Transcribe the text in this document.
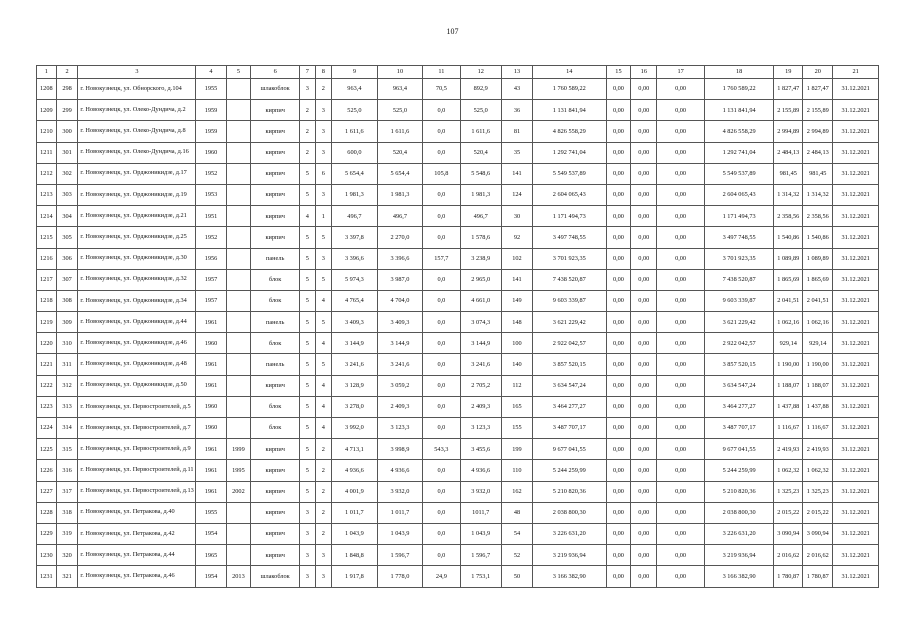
107
1	2	3	4	5	6	7	8	9	10	11	12	13	14	15	16	17	18	19	20	21
1208	298	г. Новокузнецк, ул. Обнорского, д.104	1955		шлакоблок	3	2	963,4	963,4	70,5	892,9	43	1 760 589,22	0,00	0,00	0,00	1 760 589,22	1 827,47	1 827,47	31.12.2021
1209	299	г. Новокузнецк, ул. Олеко-Дундича, д.2	1959		кирпич	2	3	525,0	525,0	0,0	525,0	36	1 131 841,94	0,00	0,00	0,00	1 131 841,94	2 155,89	2 155,89	31.12.2021
1210	300	г. Новокузнецк, ул. Олеко-Дундича, д.8	1959		кирпич	2	3	1 611,6	1 611,6	0,0	1 611,6	81	4 826 558,29	0,00	0,00	0,00	4 826 558,29	2 994,89	2 994,89	31.12.2021
1211	301	г. Новокузнецк, ул. Олеко-Дундича, д.16	1960		кирпич	2	3	600,0	520,4	0,0	520,4	35	1 292 741,04	0,00	0,00	0,00	1 292 741,04	2 484,13	2 484,13	31.12.2021
1212	302	г. Новокузнецк, ул. Орджоникидзе, д.17	1952		кирпич	5	6	5 654,4	5 654,4	105,8	5 548,6	141	5 549 537,89	0,00	0,00	0,00	5 549 537,89	981,45	981,45	31.12.2021
1213	303	г. Новокузнецк, ул. Орджоникидзе, д.19	1953		кирпич	5	3	1 981,3	1 981,3	0,0	1 981,3	124	2 604 065,43	0,00	0,00	0,00	2 604 065,43	1 314,32	1 314,32	31.12.2021
1214	304	г. Новокузнецк, ул. Орджоникидзе, д.21	1951		кирпич	4	1	496,7	496,7	0,0	496,7	30	1 171 494,73	0,00	0,00	0,00	1 171 494,73	2 358,56	2 358,56	31.12.2021
1215	305	г. Новокузнецк, ул. Орджоникидзе, д.25	1952		кирпич	5	5	3 397,8	2 270,0	0,0	1 578,6	92	3 497 748,55	0,00	0,00	0,00	3 497 748,55	1 540,86	1 540,86	31.12.2021
1216	306	г. Новокузнецк, ул. Орджоникидзе, д.30	1956		панель	5	3	3 396,6	3 396,6	157,7	3 238,9	102	3 701 923,35	0,00	0,00	0,00	3 701 923,35	1 089,89	1 089,89	31.12.2021
1217	307	г. Новокузнецк, ул. Орджоникидзе, д.32	1957		блок	5	5	5 974,3	3 987,0	0,0	2 965,0	141	7 438 520,87	0,00	0,00	0,00	7 438 520,87	1 865,69	1 865,69	31.12.2021
1218	308	г. Новокузнецк, ул. Орджоникидзе, д.34	1957		блок	5	4	4 765,4	4 704,0	0,0	4 661,0	149	9 603 339,87	0,00	0,00	0,00	9 603 339,87	2 041,51	2 041,51	31.12.2021
1219	309	г. Новокузнецк, ул. Орджоникидзе, д.44	1961		панель	5	5	3 409,3	3 409,3	0,0	3 074,3	148	3 621 229,42	0,00	0,00	0,00	3 621 229,42	1 062,16	1 062,16	31.12.2021
1220	310	г. Новокузнецк, ул. Орджоникидзе, д.46	1960		блок	5	4	3 144,9	3 144,9	0,0	3 144,9	100	2 922 042,57	0,00	0,00	0,00	2 922 042,57	929,14	929,14	31.12.2021
1221	311	г. Новокузнецк, ул. Орджоникидзе, д.48	1961		панель	5	5	3 241,6	3 241,6	0,0	3 241,6	140	3 857 520,15	0,00	0,00	0,00	3 857 520,15	1 190,00	1 190,00	31.12.2021
1222	312	г. Новокузнецк, ул. Орджоникидзе, д.50	1961		кирпич	5	4	3 128,9	3 059,2	0,0	2 705,2	112	3 634 547,24	0,00	0,00	0,00	3 634 547,24	1 188,07	1 188,07	31.12.2021
1223	313	г. Новокузнецк, ул. Первостроителей, д.5	1960		блок	5	4	3 278,0	2 409,3	0,0	2 409,3	165	3 464 277,27	0,00	0,00	0,00	3 464 277,27	1 437,88	1 437,88	31.12.2021
1224	314	г. Новокузнецк, ул. Первостроителей, д.7	1960		блок	5	4	3 992,0	3 123,3	0,0	3 123,3	155	3 487 707,17	0,00	0,00	0,00	3 487 707,17	1 116,67	1 116,67	31.12.2021
1225	315	г. Новокузнецк, ул. Первостроителей, д.9	1961	1999	кирпич	5	2	4 713,1	3 998,9	543,3	3 455,6	199	9 677 041,55	0,00	0,00	0,00	9 677 041,55	2 419,93	2 419,93	31.12.2021
1226	316	г. Новокузнецк, ул. Первостроителей, д.11	1961	1995	кирпич	5	2	4 936,6	4 936,6	0,0	4 936,6	110	5 244 259,99	0,00	0,00	0,00	5 244 259,99	1 062,32	1 062,32	31.12.2021
1227	317	г. Новокузнецк, ул. Первостроителей, д.13	1961	2002	кирпич	5	2	4 001,9	3 932,0	0,0	3 932,0	162	5 210 820,36	0,00	0,00	0,00	5 210 820,36	1 325,23	1 325,23	31.12.2021
1228	318	г. Новокузнецк, ул. Петракова, д.40	1955		кирпич	3	2	1 011,7	1 011,7	0,0	1011,7	48	2 038 800,30	0,00	0,00	0,00	2 038 800,30	2 015,22	2 015,22	31.12.2021
1229	319	г. Новокузнецк, ул. Петракова, д.42	1954		кирпич	3	2	1 043,9	1 043,9	0,0	1 043,9	54	3 226 631,20	0,00	0,00	0,00	3 226 631,20	3 090,94	3 090,94	31.12.2021
1230	320	г. Новокузнецк, ул. Петракова, д.44	1965		кирпич	3	3	1 848,8	1 596,7	0,0	1 596,7	52	3 219 936,94	0,00	0,00	0,00	3 219 936,94	2 016,62	2 016,62	31.12.2021
1231	321	г. Новокузнецк, ул. Петракова, д.46	1954	2013	шлакоблок	3	3	1 917,8	1 778,0	24,9	1 753,1	50	3 166 382,90	0,00	0,00	0,00	3 166 382,90	1 780,87	1 780,87	31.12.2021
